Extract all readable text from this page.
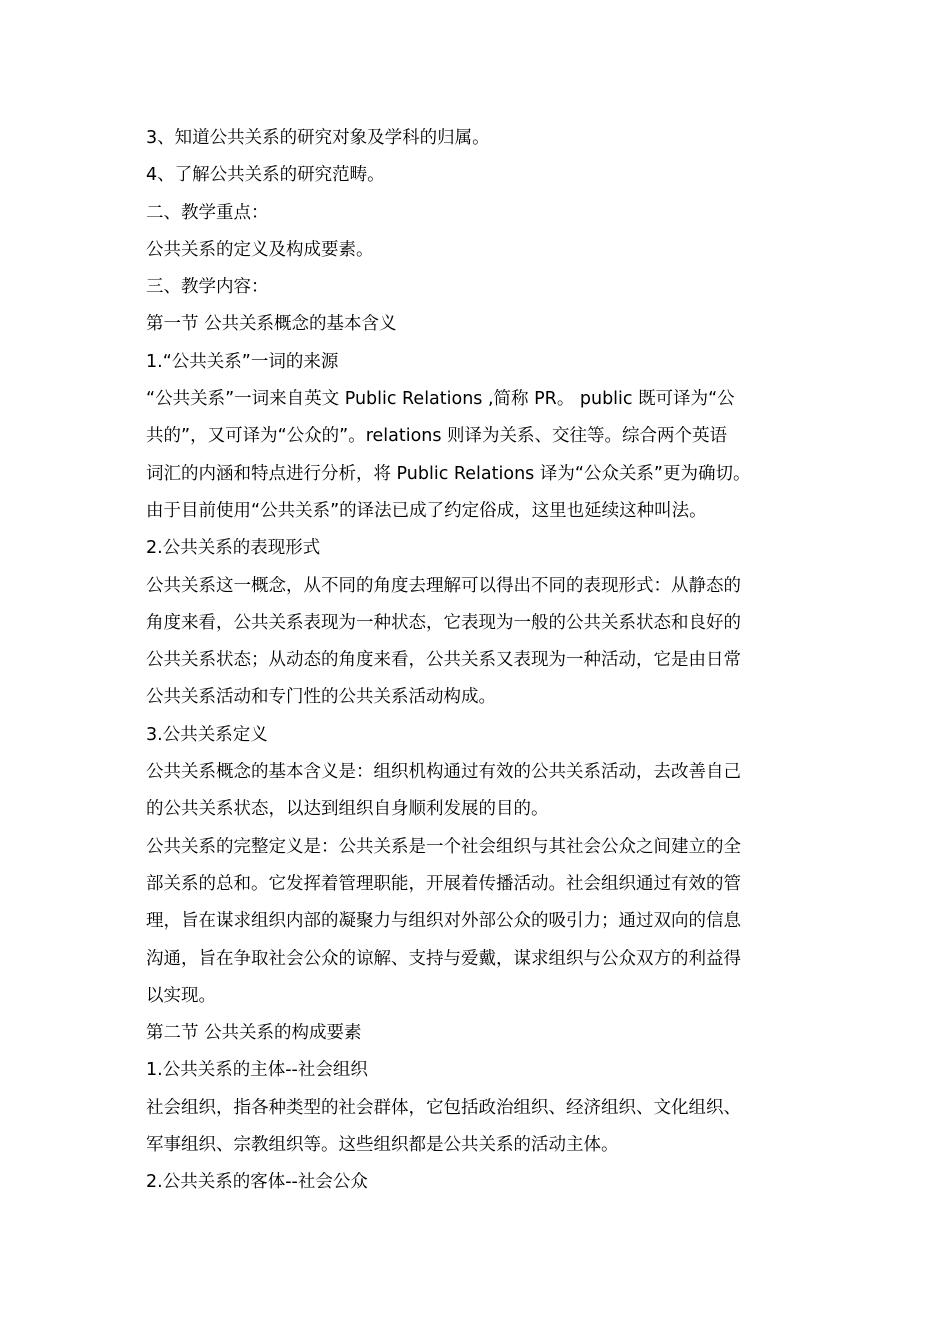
3、知道公共关系的研究对象及学科的归属。
4、了解公共关系的研究范畴。
二、教学重点：
公共关系的定义及构成要素。
三、教学内容：
第一节 公共关系概念的基本含义
1.“公共关系”一词的来源
“公共关系”一词来自英文 Public Relations ,简称 PR。 public 既可译为“公
共的”，又可译为“公众的”。relations 则译为关系、交往等。综合两个英语
词汇的内涵和特点进行分析，将 Public Relations 译为“公众关系”更为确切。
由于目前使用“公共关系”的译法已成了约定俗成，这里也延续这种叫法。
2.公共关系的表现形式
公共关系这一概念，从不同的角度去理解可以得出不同的表现形式：从静态的
角度来看，公共关系表现为一种状态，它表现为一般的公共关系状态和良好的
公共关系状态；从动态的角度来看，公共关系又表现为一种活动，它是由日常
公共关系活动和专门性的公共关系活动构成。
3.公共关系定义
公共关系概念的基本含义是：组织机构通过有效的公共关系活动，去改善自己
的公共关系状态，以达到组织自身顺利发展的目的。
公共关系的完整定义是：公共关系是一个社会组织与其社会公众之间建立的全
部关系的总和。它发挥着管理职能，开展着传播活动。社会组织通过有效的管
理，旨在谋求组织内部的凝聚力与组织对外部公众的吸引力；通过双向的信息
沟通，旨在争取社会公众的谅解、支持与爱戴，谋求组织与公众双方的利益得
以实现。
第二节 公共关系的构成要素
1.公共关系的主体--社会组织
社会组织，指各种类型的社会群体，它包括政治组织、经济组织、文化组织、
军事组织、宗教组织等。这些组织都是公共关系的活动主体。
2.公共关系的客体--社会公众
